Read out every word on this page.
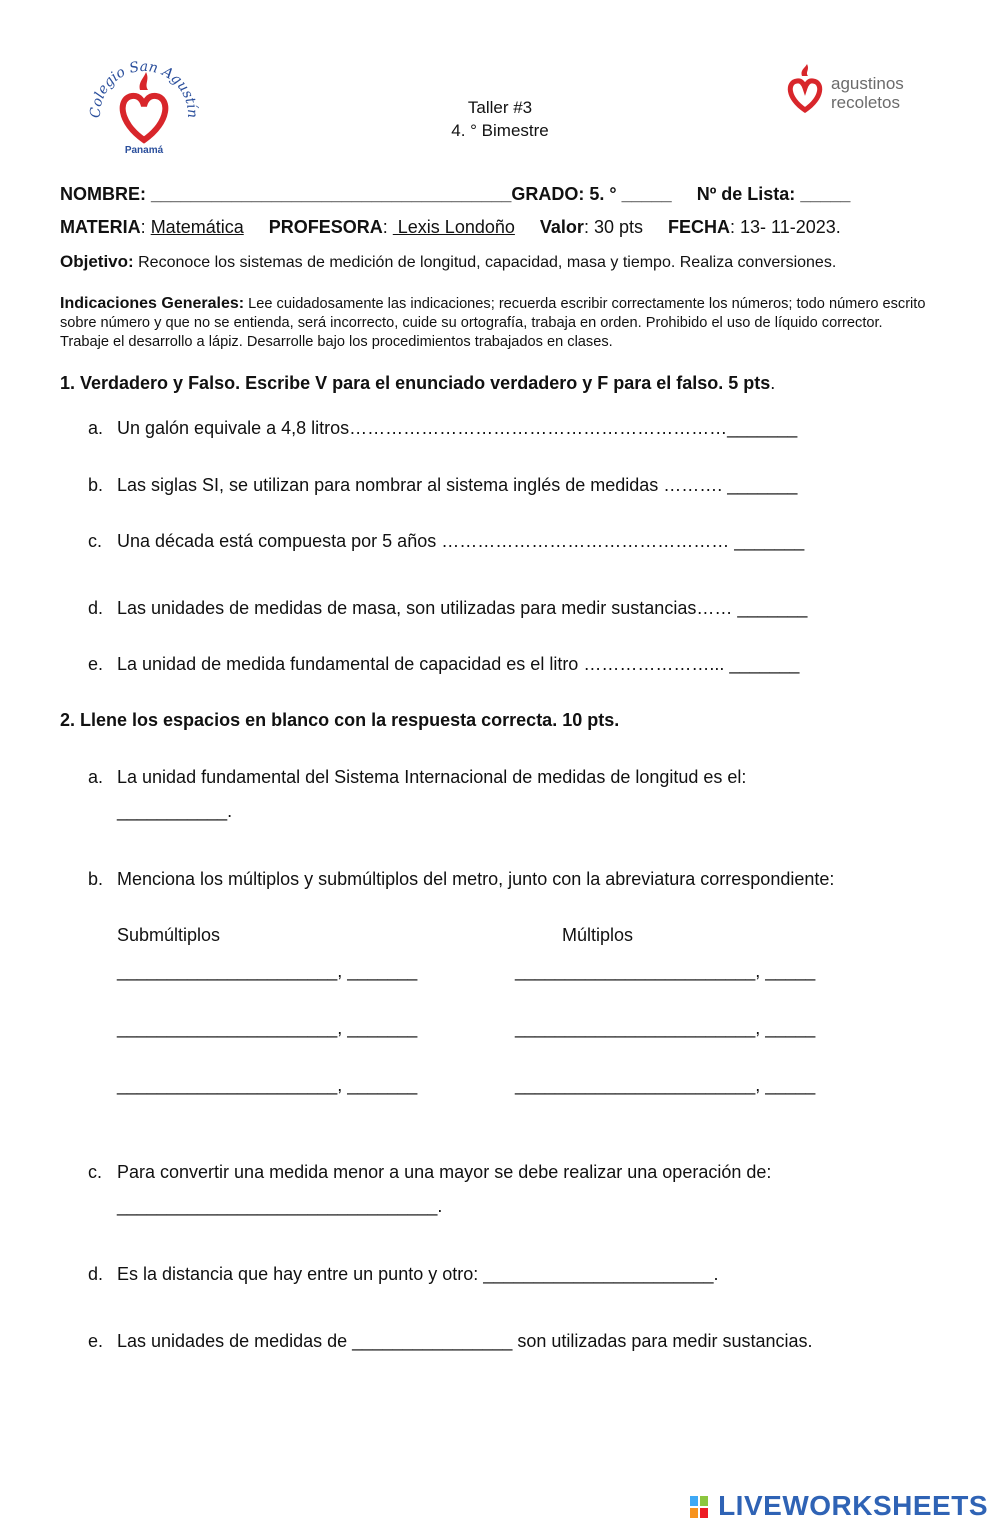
Colegio San Agustín
Panamá
agustinos
recoletos
Taller #3
4. ° Bimestre
NOMBRE: ____________________________________GRADO: 5. ° _____ Nº de Lista: _____
MATERIA: Matemática PROFESORA:  Lexis Londoño Valor: 30 pts FECHA: 13- 11-2023.
Objetivo: Reconoce los sistemas de medición de longitud, capacidad, masa y tiempo. Realiza conversiones.
Indicaciones Generales: Lee cuidadosamente las indicaciones; recuerda escribir correctamente los números; todo número escrito sobre número y que no se entienda, será incorrecto, cuide su ortografía, trabaja en orden. Prohibido el uso de líquido corrector. Trabaje el desarrollo a lápiz. Desarrolle bajo los procedimientos trabajados en clases.
1. Verdadero y Falso. Escribe V para el enunciado verdadero y F para el falso. 5 pts.
a. Un galón equivale a 4,8 litros………………………………………………………_______
b. Las siglas SI, se utilizan para nombrar al sistema inglés de medidas ………. _______
c. Una década está compuesta por 5 años ………………………………………… _______
d. Las unidades de medidas de masa, son utilizadas para medir sustancias…… _______
e. La unidad de medida fundamental de capacidad es el litro …………………... _______
2. Llene los espacios en blanco con la respuesta correcta. 10 pts.
a. La unidad fundamental del Sistema Internacional de medidas de longitud es el:
___________.
b. Menciona los múltiplos y submúltiplos del metro, junto con la abreviatura correspondiente:
Submúltiplos	Múltiplos
______________________, _______	________________________, _____
______________________, _______	________________________, _____
______________________, _______	________________________, _____
c. Para convertir una medida menor a una mayor se debe realizar una operación de:
________________________________.
d. Es la distancia que hay entre un punto y otro: _______________________.
e. Las unidades de medidas de ________________ son utilizadas para medir sustancias.
LIVEWORKSHEETS
